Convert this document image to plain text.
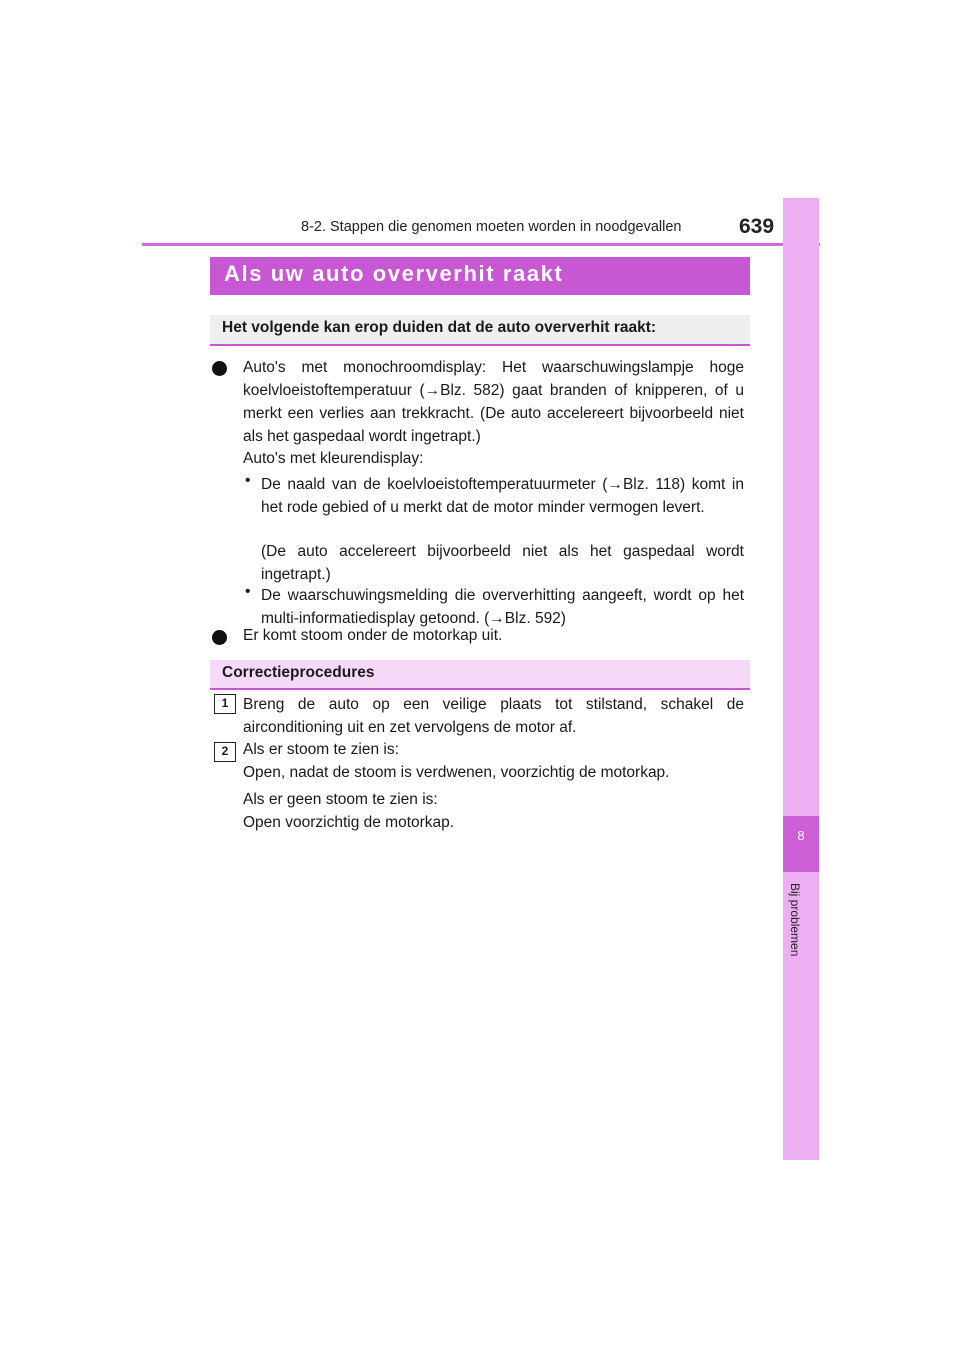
8-2. Stappen die genomen moeten worden in noodgevallen	639
8
Bij problemen
Als uw auto oververhit raakt
Het volgende kan erop duiden dat de auto oververhit raakt:
Auto's met monochroomdisplay: Het waarschuwingslampje hoge koelvloeistoftemperatuur (→Blz. 582) gaat branden of knipperen, of u merkt een verlies aan trekkracht. (De auto accelereert bijvoorbeeld niet als het gaspedaal wordt ingetrapt.)
Auto's met kleurendisplay:
• De naald van de koelvloeistoftemperatuurmeter (→Blz. 118) komt in het rode gebied of u merkt dat de motor minder vermogen levert.
(De auto accelereert bijvoorbeeld niet als het gaspedaal wordt ingetrapt.)
• De waarschuwingsmelding die oververhitting aangeeft, wordt op het multi-informatiedisplay getoond. (→Blz. 592)
Er komt stoom onder de motorkap uit.
Correctieprocedures
1 Breng de auto op een veilige plaats tot stilstand, schakel de airconditioning uit en zet vervolgens de motor af.
2 Als er stoom te zien is:
Open, nadat de stoom is verdwenen, voorzichtig de motorkap.
Als er geen stoom te zien is:
Open voorzichtig de motorkap.
